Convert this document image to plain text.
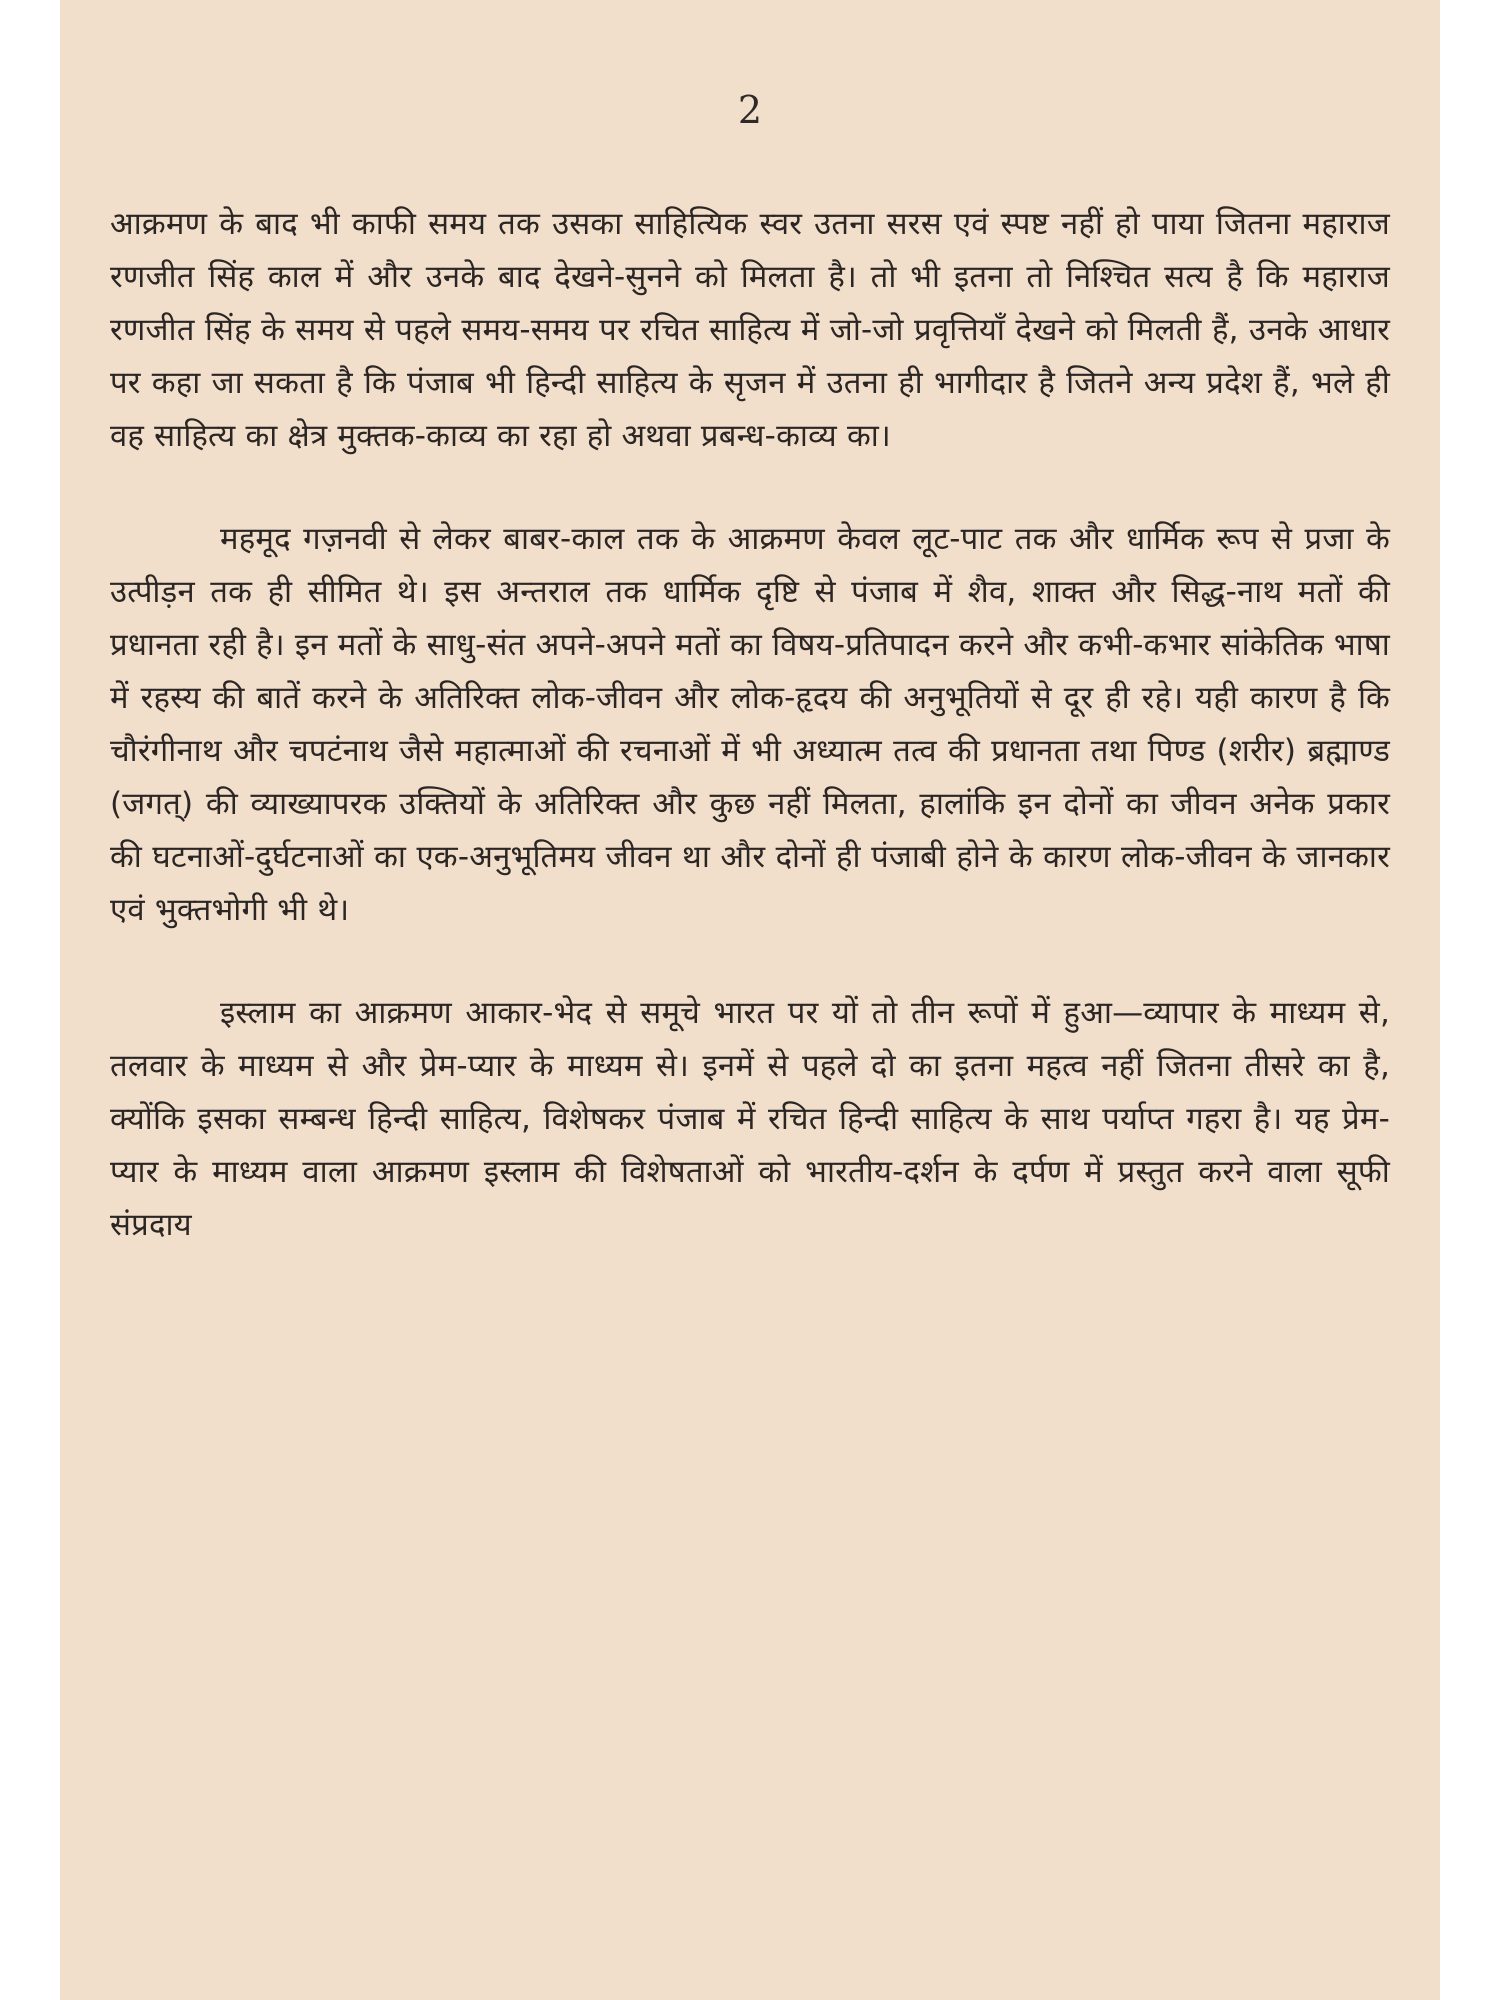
2

आक्रमण के बाद भी काफी समय तक उसका साहित्यिक स्वर उतना सरस एवं स्पष्ट नहीं हो पाया जितना महाराज रणजीत सिंह काल में और उनके बाद देखने-सुनने को मिलता है। तो भी इतना तो निश्चित सत्य है कि महाराज रणजीत सिंह के समय से पहले समय-समय पर रचित साहित्य में जो-जो प्रवृत्तियाँ देखने को मिलती हैं, उनके आधार पर कहा जा सकता है कि पंजाब भी हिन्दी साहित्य के सृजन में उतना ही भागीदार है जितने अन्य प्रदेश हैं, भले ही वह साहित्य का क्षेत्र मुक्तक-काव्य का रहा हो अथवा प्रबन्ध-काव्य का।

महमूद गज़नवी से लेकर बाबर-काल तक के आक्रमण केवल लूट-पाट तक और धार्मिक रूप से प्रजा के उत्पीड़न तक ही सीमित थे। इस अन्तराल तक धार्मिक दृष्टि से पंजाब में शैव, शाक्त और सिद्ध-नाथ मतों की प्रधानता रही है। इन मतों के साधु-संत अपने-अपने मतों का विषय-प्रतिपादन करने और कभी-कभार सांकेतिक भाषा में रहस्य की बातें करने के अतिरिक्त लोक-जीवन और लोक-हृदय की अनुभूतियों से दूर ही रहे। यही कारण है कि चौरंगीनाथ और चपटंनाथ जैसे महात्माओं की रचनाओं में भी अध्यात्म तत्व की प्रधानता तथा पिण्ड (शरीर) ब्रह्माण्ड (जगत्) की व्याख्यापरक उक्तियों के अतिरिक्त और कुछ नहीं मिलता, हालांकि इन दोनों का जीवन अनेक प्रकार की घटनाओं-दुर्घटनाओं का एक-अनुभूतिमय जीवन था और दोनों ही पंजाबी होने के कारण लोक-जीवन के जानकार एवं भुक्तभोगी भी थे।

इस्लाम का आक्रमण आकार-भेद से समूचे भारत पर यों तो तीन रूपों में हुआ—व्यापार के माध्यम से, तलवार के माध्यम से और प्रेम-प्यार के माध्यम से। इनमें से पहले दो का इतना महत्व नहीं जितना तीसरे का है, क्योंकि इसका सम्बन्ध हिन्दी साहित्य, विशेषकर पंजाब में रचित हिन्दी साहित्य के साथ पर्याप्त गहरा है। यह प्रेम-प्यार के माध्यम वाला आक्रमण इस्लाम की विशेषताओं को भारतीय-दर्शन के दर्पण में प्रस्तुत करने वाला सूफी संप्रदाय
